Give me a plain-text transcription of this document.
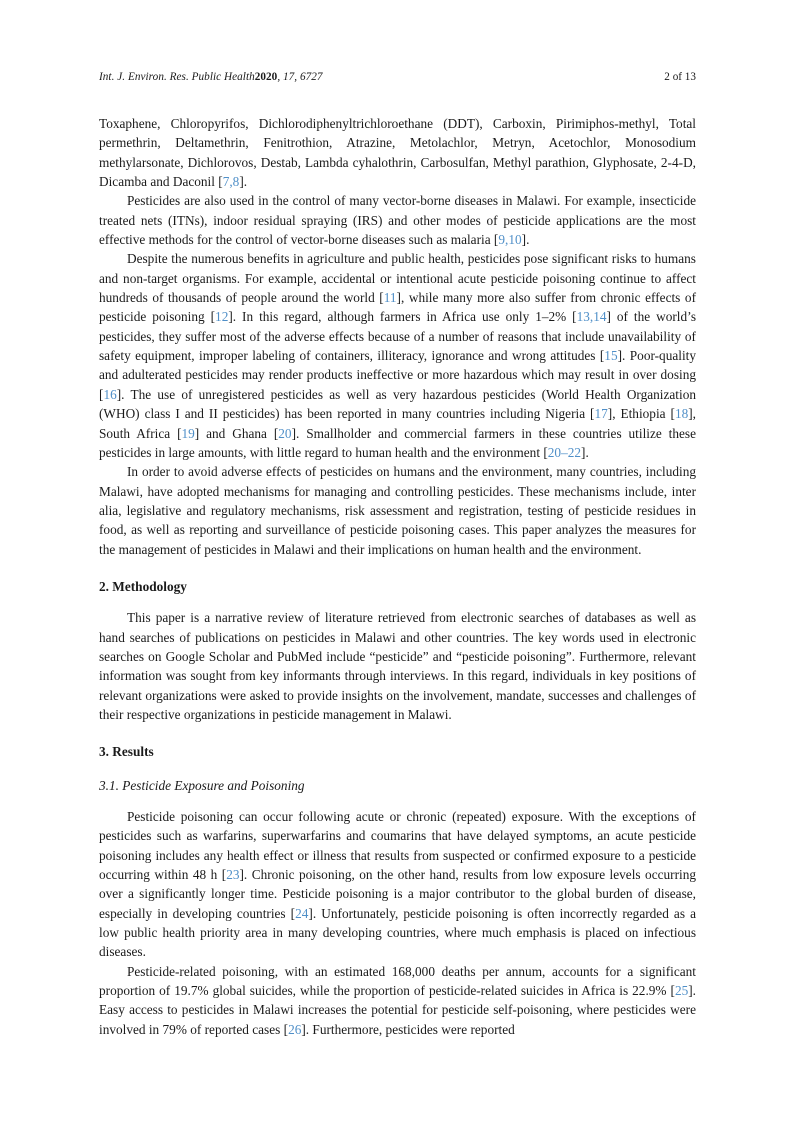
Int. J. Environ. Res. Public Health2020, 17, 6727	2 of 13

Toxaphene, Chloropyrifos, Dichlorodiphenyltrichloroethane (DDT), Carboxin, Pirimiphos-methyl, Total permethrin, Deltamethrin, Fenitrothion, Atrazine, Metolachlor, Metryn, Acetochlor, Monosodium methylarsonate, Dichlorovos, Destab, Lambda cyhalothrin, Carbosulfan, Methyl parathion, Glyphosate, 2-4-D, Dicamba and Daconil [7,8].

Pesticides are also used in the control of many vector-borne diseases in Malawi. For example, insecticide treated nets (ITNs), indoor residual spraying (IRS) and other modes of pesticide applications are the most effective methods for the control of vector-borne diseases such as malaria [9,10].

Despite the numerous benefits in agriculture and public health, pesticides pose significant risks to humans and non-target organisms. For example, accidental or intentional acute pesticide poisoning continue to affect hundreds of thousands of people around the world [11], while many more also suffer from chronic effects of pesticide poisoning [12]. In this regard, although farmers in Africa use only 1–2% [13,14] of the world’s pesticides, they suffer most of the adverse effects because of a number of reasons that include unavailability of safety equipment, improper labeling of containers, illiteracy, ignorance and wrong attitudes [15]. Poor-quality and adulterated pesticides may render products ineffective or more hazardous which may result in over dosing [16]. The use of unregistered pesticides as well as very hazardous pesticides (World Health Organization (WHO) class I and II pesticides) has been reported in many countries including Nigeria [17], Ethiopia [18], South Africa [19] and Ghana [20]. Smallholder and commercial farmers in these countries utilize these pesticides in large amounts, with little regard to human health and the environment [20–22].

In order to avoid adverse effects of pesticides on humans and the environment, many countries, including Malawi, have adopted mechanisms for managing and controlling pesticides. These mechanisms include, inter alia, legislative and regulatory mechanisms, risk assessment and registration, testing of pesticide residues in food, as well as reporting and surveillance of pesticide poisoning cases. This paper analyzes the measures for the management of pesticides in Malawi and their implications on human health and the environment.

2. Methodology

This paper is a narrative review of literature retrieved from electronic searches of databases as well as hand searches of publications on pesticides in Malawi and other countries. The key words used in electronic searches on Google Scholar and PubMed include “pesticide” and “pesticide poisoning”. Furthermore, relevant information was sought from key informants through interviews. In this regard, individuals in key positions of relevant organizations were asked to provide insights on the involvement, mandate, successes and challenges of their respective organizations in pesticide management in Malawi.

3. Results
3.1. Pesticide Exposure and Poisoning

Pesticide poisoning can occur following acute or chronic (repeated) exposure. With the exceptions of pesticides such as warfarins, superwarfarins and coumarins that have delayed symptoms, an acute pesticide poisoning includes any health effect or illness that results from suspected or confirmed exposure to a pesticide occurring within 48 h [23]. Chronic poisoning, on the other hand, results from low exposure levels occurring over a significantly longer time. Pesticide poisoning is a major contributor to the global burden of disease, especially in developing countries [24]. Unfortunately, pesticide poisoning is often incorrectly regarded as a low public health priority area in many developing countries, where much emphasis is placed on infectious diseases.

Pesticide-related poisoning, with an estimated 168,000 deaths per annum, accounts for a significant proportion of 19.7% global suicides, while the proportion of pesticide-related suicides in Africa is 22.9% [25]. Easy access to pesticides in Malawi increases the potential for pesticide self-poisoning, where pesticides were involved in 79% of reported cases [26]. Furthermore, pesticides were reported
